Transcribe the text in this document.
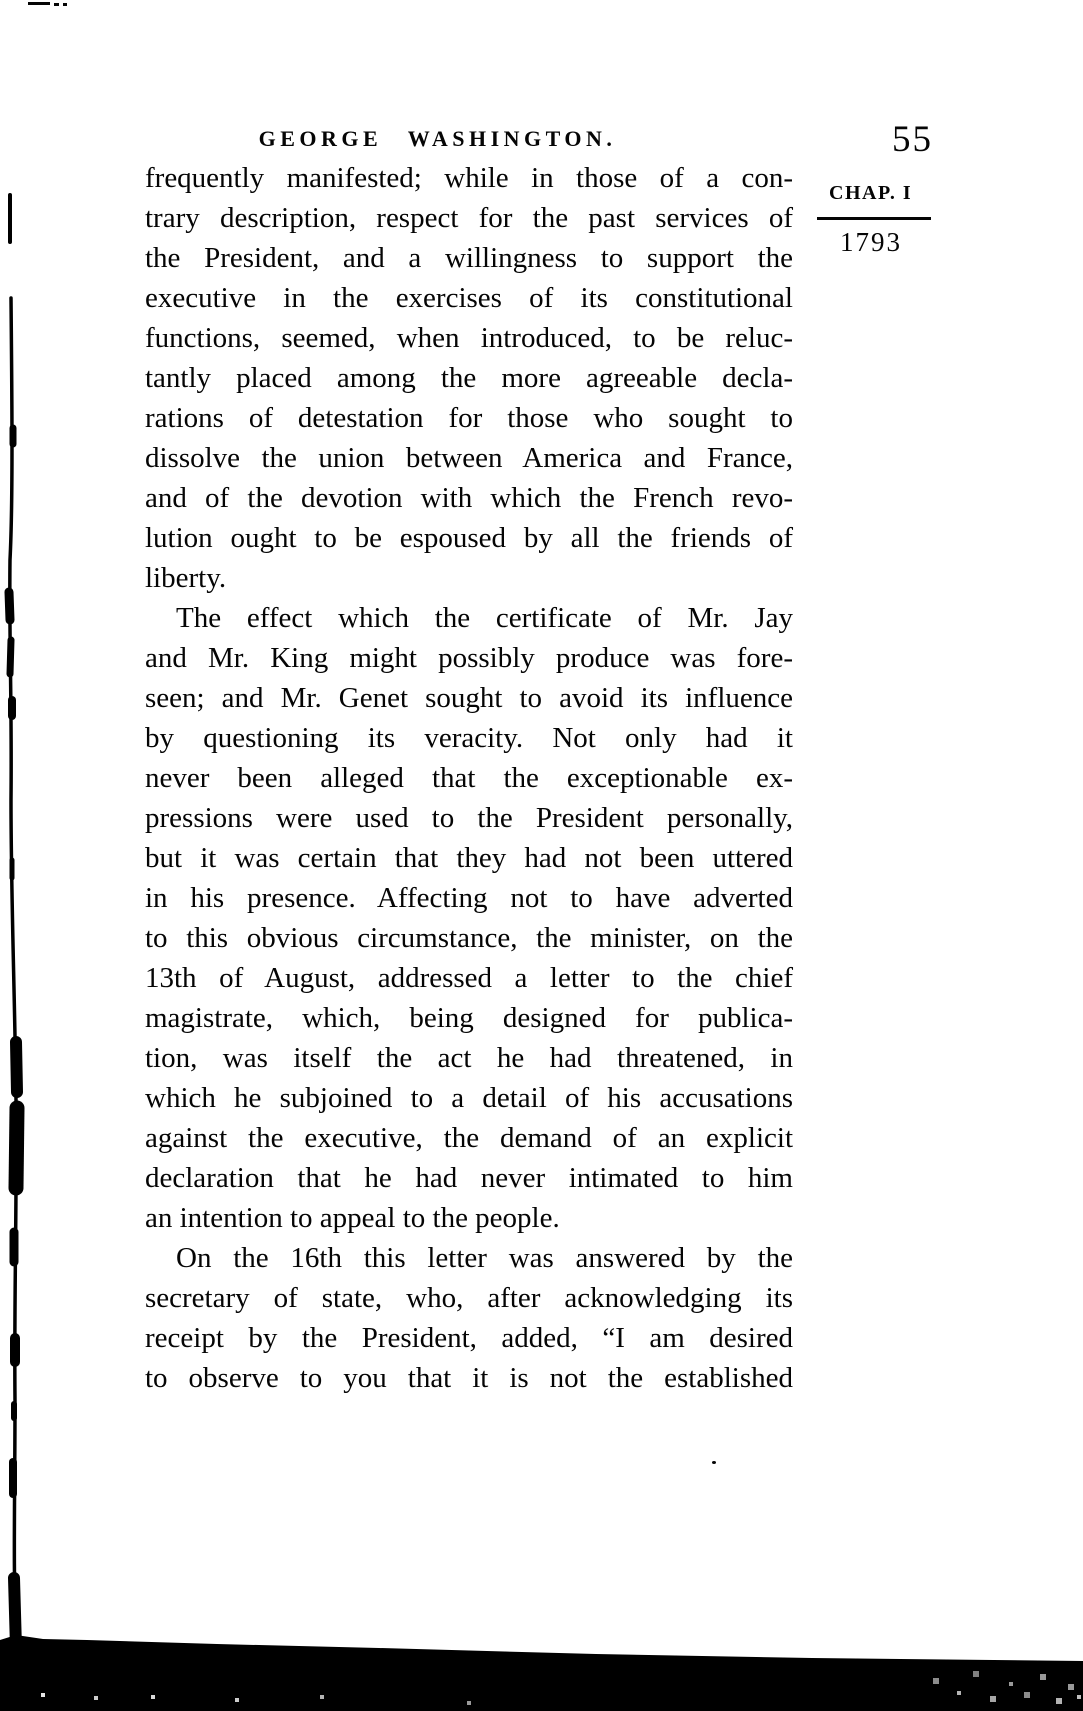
GEORGE WASHINGTON.	55
CHAP. I
1793
frequently manifested; while in those of a con-
trary description, respect for the past services of
the President, and a willingness to support the
executive in the exercises of its constitutional
functions, seemed, when introduced, to be reluc-
tantly placed among the more agreeable decla-
rations of detestation for those who sought to
dissolve the union between America and France,
and of the devotion with which the French revo-
lution ought to be espoused by all the friends of
liberty.
The effect which the certificate of Mr. Jay
and Mr. King might possibly produce was fore-
seen; and Mr. Genet sought to avoid its influence
by questioning its veracity. Not only had it
never been alleged that the exceptionable ex-
pressions were used to the President personally,
but it was certain that they had not been uttered
in his presence. Affecting not to have adverted
to this obvious circumstance, the minister, on the
13th of August, addressed a letter to the chief
magistrate, which, being designed for publica-
tion, was itself the act he had threatened, in
which he subjoined to a detail of his accusations
against the executive, the demand of an explicit
declaration that he had never intimated to him
an intention to appeal to the people.
On the 16th this letter was answered by the
secretary of state, who, after acknowledging its
receipt by the President, added, “I am desired
to observe to you that it is not the established
